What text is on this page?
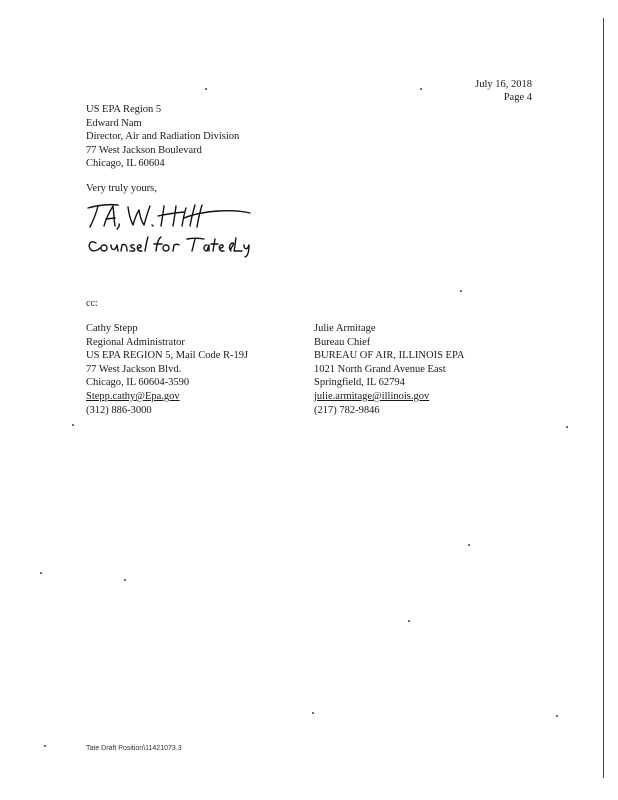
July 16, 2018
Page 4
US EPA Region 5
Edward Nam
Director, Air and Radiation Division
77 West Jackson Boulevard
Chicago, IL 60604
Very truly yours,
cc:
Cathy Stepp
Regional Administrator
US EPA REGION 5, Mail Code R-19J
77 West Jackson Blvd.
Chicago, IL 60604-3590
Stepp.cathy@Epa.gov
(312) 886-3000
Julie Armitage
Bureau Chief
BUREAU OF AIR, ILLINOIS EPA
1021 North Grand Avenue East
Springfield, IL 62794
julie.armitage@illinois.gov
(217) 782-9846
Tate Draft Position\11421073.3
